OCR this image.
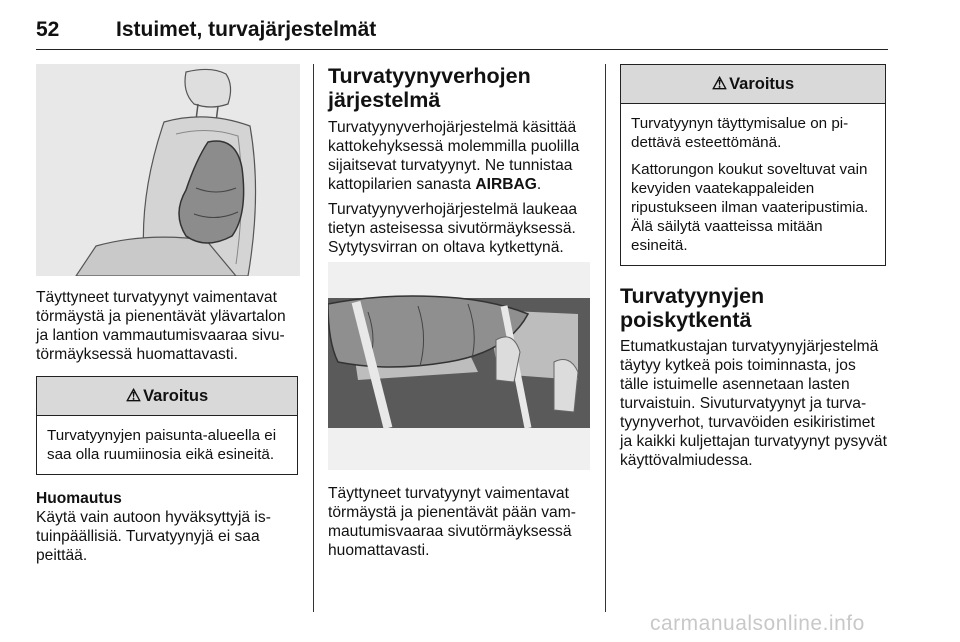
52	Istuimet, turvajärjestelmät

Täyttyneet turvatyynyt vaimentavat törmäystä ja pienentävät ylävartalon ja lantion vammautumisvaaraa sivutörmäyksessä huomattavasti.

⚠ Varoitus

Turvatyynyjen paisunta-alueella ei saa olla ruumiinosia eikä esineitä.

Huomautus

Käytä vain autoon hyväksyttyjä istuinpäällisiä. Turvatyynyjä ei saa peittää.

Turvatyynyverhojen järjestelmä

Turvatyynyverhojärjestelmä käsittää kattokehyksessä molemmilla puolilla sijaitsevat turvatyynyt. Ne tunnistaa kattopilarien sanasta AIRBAG.

Turvatyynyverhojärjestelmä laukeaa tietyn asteisessa sivutörmäyksessä. Sytytysvirran on oltava kytkettynä.

Täyttyneet turvatyynyt vaimentavat törmäystä ja pienentävät pään vammautumisvaaraa sivutörmäyksessä huomattavasti.

⚠ Varoitus

Turvatyynyn täyttymisalue on pidettävä esteettömänä.

Kattorungon koukut soveltuvat vain kevyiden vaatekappaleiden ripustukseen ilman vaateripustimia. Älä säilytä vaatteissa mitään esineitä.

Turvatyynyjen poiskytkentä

Etumatkustajan turvatyynyjärjestelmä täytyy kytkeä pois toiminnasta, jos tälle istuimelle asennetaan lasten turvaistuin. Sivuturvatyynyt ja turvatyynyverhot, turvavöiden esikiristimet ja kaikki kuljettajan turvatyynyt pysyvät käyttövalmiudessa.

carmanualsonline.info
